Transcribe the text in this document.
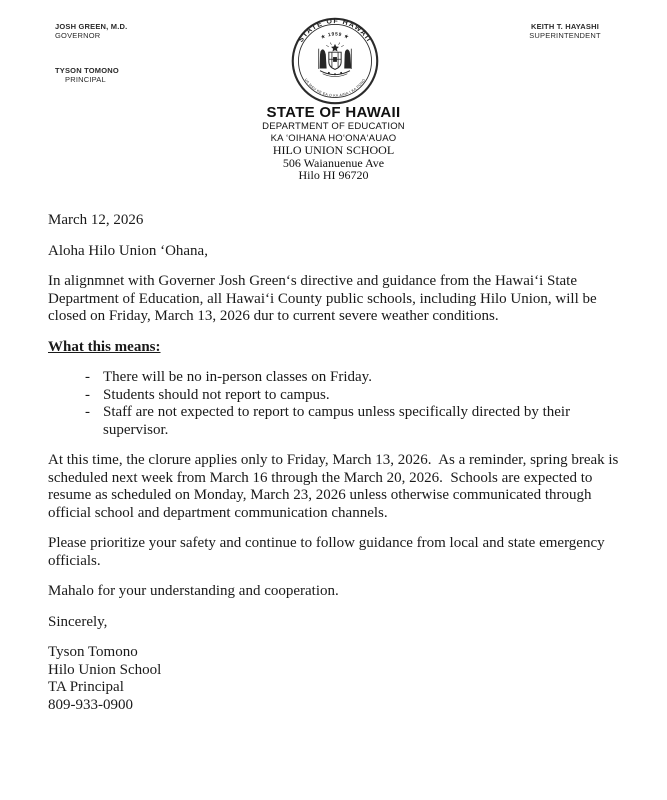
JOSH GREEN, M.D.
GOVERNOR
TYSON TOMONO
PRINCIPAL
STATE OF HAWAII
★ 1959 ★
UA MAU KE EA O KA AINA I KA PONO
KEITH T. HAYASHI
SUPERINTENDENT
STATE OF HAWAII
DEPARTMENT OF EDUCATION
KA ‘OIHANA HO‘ONA‘AUAO
HILO UNION SCHOOL
506 Waianuenue Ave
Hilo HI 96720

March 12, 2026

Aloha Hilo Union ‘Ohana,

In alignmnet with Governer Josh Green‘s directive and guidance from the Hawai‘i State Department of Education, all Hawai‘i County public schools, including Hilo Union, will be closed on Friday, March 13, 2026 dur to current severe weather conditions.

What this means:

- There will be no in-person classes on Friday.
- Students should not report to campus.
- Staff are not expected to report to campus unless specifically directed by their supervisor.

At this time, the clorure applies only to Friday, March 13, 2026.  As a reminder, spring break is scheduled next week from March 16 through the March 20, 2026.  Schools are expected to resume as scheduled on Monday, March 23, 2026 unless otherwise communicated through official school and department communication channels.

Please prioritize your safety and continue to follow guidance from local and state emergency officials.

Mahalo for your understanding and cooperation.

Sincerely,

Tyson Tomono
Hilo Union School
TA Principal
809-933-0900
